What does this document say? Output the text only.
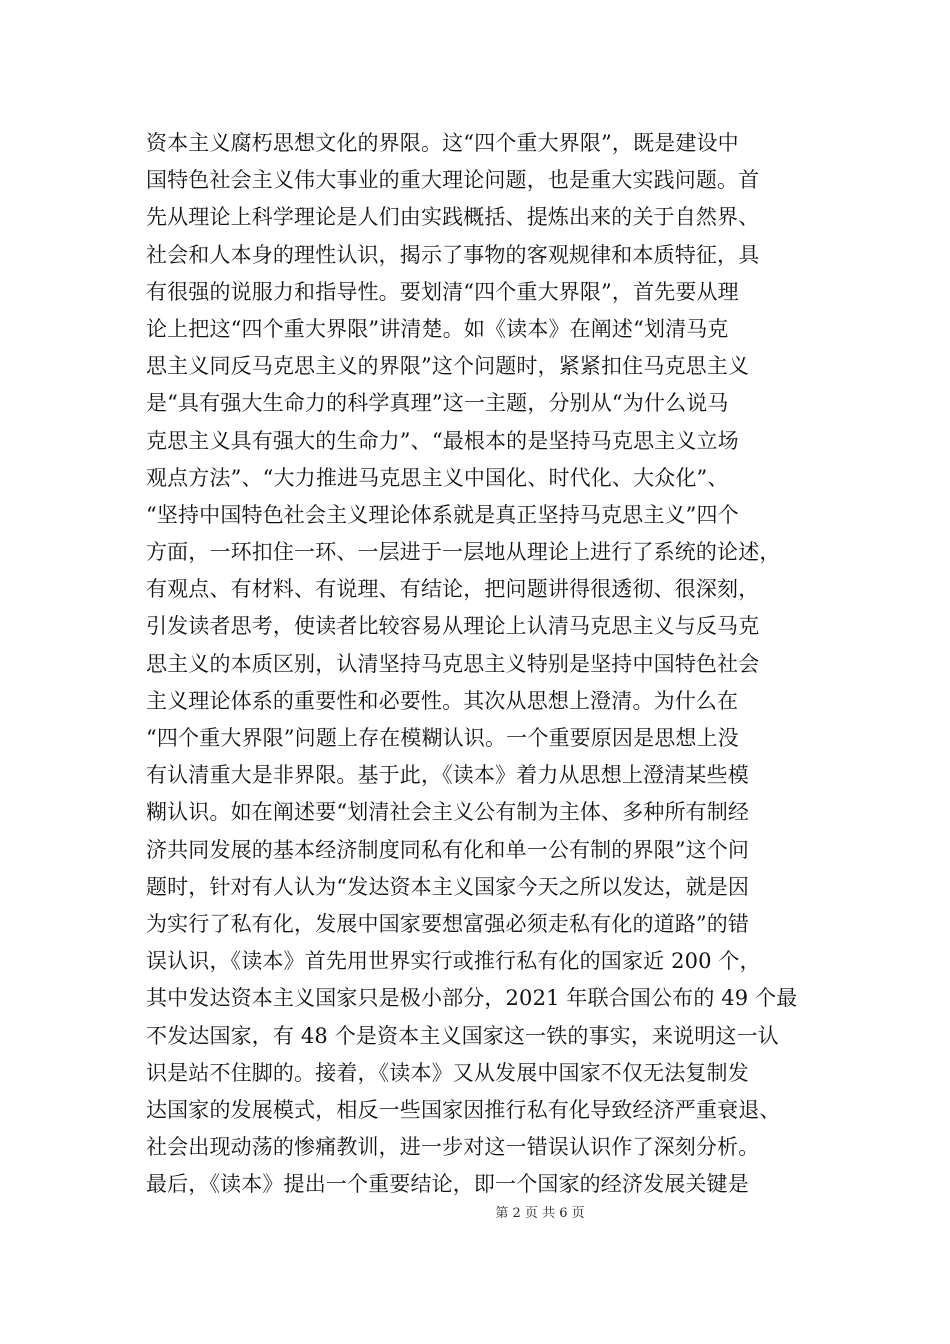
资本主义腐朽思想文化的界限。这“四个重大界限”，既是建设中
国特色社会主义伟大事业的重大理论问题，也是重大实践问题。首
先从理论上科学理论是人们由实践概括、提炼出来的关于自然界、
社会和人本身的理性认识，揭示了事物的客观规律和本质特征，具
有很强的说服力和指导性。要划清“四个重大界限”，首先要从理
论上把这“四个重大界限”讲清楚。如《读本》在阐述“划清马克
思主义同反马克思主义的界限”这个问题时，紧紧扣住马克思主义
是“具有强大生命力的科学真理”这一主题，分别从“为什么说马
克思主义具有强大的生命力”、“最根本的是坚持马克思主义立场
观点方法”、“大力推进马克思主义中国化、时代化、大众化”、
“坚持中国特色社会主义理论体系就是真正坚持马克思主义”四个
方面，一环扣住一环、一层进于一层地从理论上进行了系统的论述，
有观点、有材料、有说理、有结论，把问题讲得很透彻、很深刻，
引发读者思考，使读者比较容易从理论上认清马克思主义与反马克
思主义的本质区别，认清坚持马克思主义特别是坚持中国特色社会
主义理论体系的重要性和必要性。其次从思想上澄清。为什么在
“四个重大界限”问题上存在模糊认识。一个重要原因是思想上没
有认清重大是非界限。基于此，《读本》着力从思想上澄清某些模
糊认识。如在阐述要“划清社会主义公有制为主体、多种所有制经
济共同发展的基本经济制度同私有化和单一公有制的界限”这个问
题时，针对有人认为“发达资本主义国家今天之所以发达，就是因
为实行了私有化，发展中国家要想富强必须走私有化的道路”的错
误认识，《读本》首先用世界实行或推行私有化的国家近 200 个，
其中发达资本主义国家只是极小部分，2021 年联合国公布的 49 个最
不发达国家，有 48 个是资本主义国家这一铁的事实，来说明这一认
识是站不住脚的。接着，《读本》又从发展中国家不仅无法复制发
达国家的发展模式，相反一些国家因推行私有化导致经济严重衰退、
社会出现动荡的惨痛教训，进一步对这一错误认识作了深刻分析。
最后，《读本》提出一个重要结论，即一个国家的经济发展关键是
第 2 页 共 6 页
